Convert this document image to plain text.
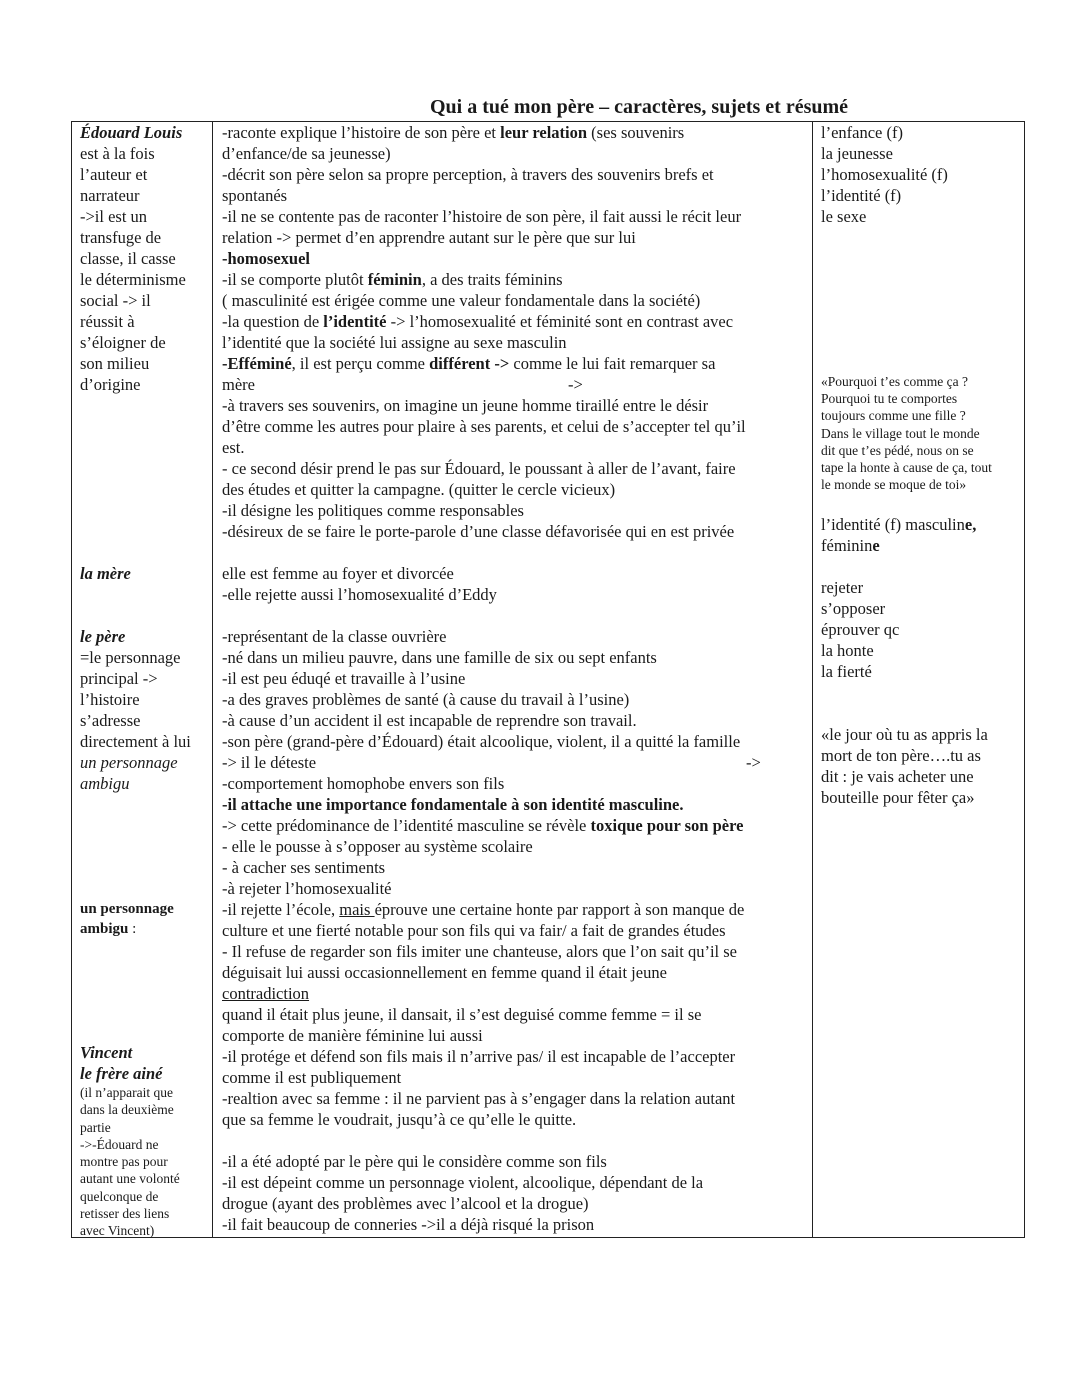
Qui a tué mon père – caractères, sujets et résumé
Édouard Louis
est à la fois
l’auteur et
narrateur
->il est un
transfuge de
classe, il casse
le déterminisme
social -> il
réussit à
s’éloigner de
son milieu
d’origine
la mère
le père
=le personnage
principal ->
l’histoire
s’adresse
directement à lui
un personnage
ambigu
un personnage
ambigu :
Vincent
le frère ainé
(il n’apparait que
dans la deuxième
partie
->-Édouard ne
montre pas pour
autant une volonté
quelconque de
retisser des liens
avec Vincent)
-raconte explique l’histoire de son père et leur relation (ses souvenirs
d’enfance/de sa jeunesse)
-décrit son père selon sa propre perception, à travers des souvenirs brefs et
spontanés
-il ne se contente pas de raconter l’histoire de son père, il fait aussi le récit leur
relation -> permet d’en apprendre autant sur le père que sur lui
-homosexuel
-il se comporte plutôt féminin, a des traits féminins
( masculinité est érigée comme une valeur fondamentale dans la société)
-la question de l’identité -> l’homosexualité et féminité sont en contrast avec
l’identité que la société lui assigne au sexe masculin
-Efféminé, il est perçu comme différent -> comme le lui fait remarquer sa
mère	->
-à travers ses souvenirs, on imagine un jeune homme tiraillé entre le désir
d’être comme les autres pour plaire à ses parents, et celui de s’accepter tel qu’il
est.
- ce second désir prend le pas sur Édouard, le poussant à aller de l’avant, faire
des études et quitter la campagne. (quitter le cercle vicieux)
-il désigne les politiques comme responsables
-désireux de se faire le porte-parole d’une classe défavorisée qui en est privée
elle est femme au foyer et divorcée
-elle rejette aussi l’homosexualité d’Eddy
-représentant de la classe ouvrière
-né dans un milieu pauvre, dans une famille de six ou sept enfants
-il est peu éduqé et travaille à l’usine
-a des graves problèmes de santé (à cause du travail à l’usine)
-à cause d’un accident il est incapable de reprendre son travail.
-son père (grand-père d’Édouard) était alcoolique, violent, il a quitté la famille
-> il le déteste	->
-comportement homophobe envers son fils
-il attache une importance fondamentale à son identité masculine.
-> cette prédominance de l’identité masculine se révèle toxique pour son père
- elle le pousse à s’opposer au système scolaire
- à cacher ses sentiments
-à rejeter l’homosexualité
-il rejette l’école, mais éprouve une certaine honte par rapport à son manque de
culture et une fierté notable pour son fils qui va fair/ a fait de grandes études
- Il refuse de regarder son fils imiter une chanteuse, alors que l’on sait qu’il se
déguisait lui aussi occasionnellement en femme quand il était jeune
contradiction
quand il était plus jeune, il dansait, il s’est deguisé comme femme = il se
comporte de manière féminine lui aussi
-il protége et défend son fils mais il n’arrive pas/ il est incapable de l’accepter
comme il est publiquement
-realtion avec sa femme : il ne parvient pas à s’engager dans la relation autant
que sa femme le voudrait, jusqu’à ce qu’elle le quitte.
-il a été adopté par le père qui le considère comme son fils
-il est dépeint comme un personnage violent, alcoolique, dépendant de la
drogue (ayant des problèmes avec l’alcool et la drogue)
-il fait beaucoup de conneries ->il a déjà risqué la prison
l’enfance (f)
la jeunesse
l’homosexualité (f)
l’identité (f)
le sexe
«Pourquoi t’es comme ça ?
Pourquoi tu te comportes
toujours comme une fille ?
Dans le village tout le monde
dit que t’es pédé, nous on se
tape la honte à cause de ça, tout
le monde se moque de toi»
l’identité (f) masculine,
féminine
rejeter
s’opposer
éprouver qc
la honte
la fierté
«le jour où tu as appris la
mort de ton père….tu as
dit : je vais acheter une
bouteille pour fêter ça»
